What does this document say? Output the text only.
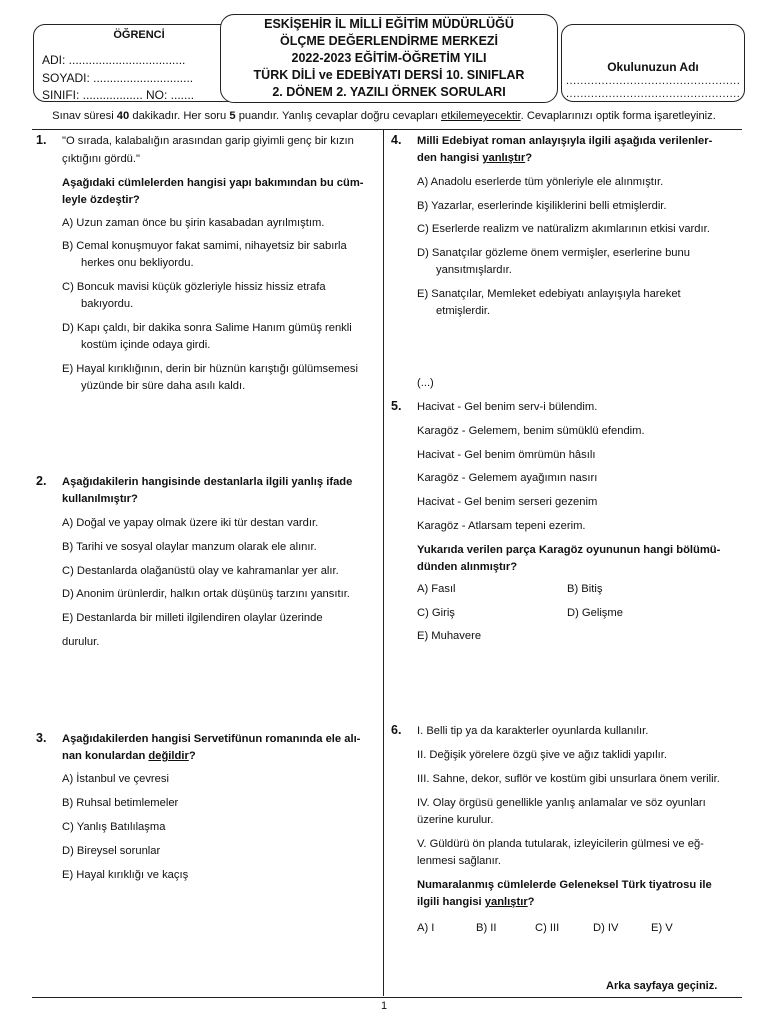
ÖĞRENCİ
ADI: ...................................
SOYADI: ..............................
SINIFI: .................. NO: .......
ESKİŞEHİR İL MİLLİ EĞİTİM MÜDÜRLÜĞÜ
ÖLÇME DEĞERLENDİRME MERKEZİ
2022-2023 EĞİTİM-ÖĞRETİM YILI
TÜRK DİLİ ve EDEBİYATI DERSİ 10. SINIFLAR
2. DÖNEM 2. YAZILI ÖRNEK SORULARI
Okulunuzun Adı
.................................................
.................................................
Sınav süresi 40 dakikadır. Her soru 5 puandır. Yanlış cevaplar doğru cevapları etkilemeyecektir. Cevaplarınızı optik forma işaretleyiniz.
1. "O sırada, kalabalığın arasından garip giyimli genç bir kızın
çıktığını gördü."
Aşağıdaki cümlelerden hangisi yapı bakımından bu cüm-
leyle özdeştir?
A) Uzun zaman önce bu şirin kasabadan ayrılmıştım.
B) Cemal konuşmuyor fakat samimi, nihayetsiz bir sabırla
herkes onu bekliyordu.
C) Boncuk mavisi küçük gözleriyle hissiz hissiz etrafa
bakıyordu.
D) Kapı çaldı, bir dakika sonra Salime Hanım gümüş renkli
kostüm içinde odaya girdi.
E) Hayal kırıklığının, derin bir hüznün karıştığı gülümsemesi
yüzünde bir süre daha asılı kaldı.
2. Aşağıdakilerin hangisinde destanlarla ilgili yanlış ifade
kullanılmıştır?
A) Doğal ve yapay olmak üzere iki tür destan vardır.
B) Tarihi ve sosyal olaylar manzum olarak ele alınır.
C) Destanlarda olağanüstü olay ve kahramanlar yer alır.
D) Anonim ürünlerdir, halkın ortak düşünüş tarzını yansıtır.
E) Destanlarda bir milleti ilgilendiren olaylar üzerinde
durulur.
3. Aşağıdakilerden hangisi Servetifünun romanında ele alı-
nan konulardan değildir?
A) İstanbul ve çevresi
B) Ruhsal betimlemeler
C) Yanlış Batılılaşma
D) Bireysel sorunlar
E) Hayal kırıklığı ve kaçış
4. Milli Edebiyat roman anlayışıyla ilgili aşağıda verilenler-
den hangisi yanlıştır?
A) Anadolu eserlerde tüm yönleriyle ele alınmıştır.
B) Yazarlar, eserlerinde kişiliklerini belli etmişlerdir.
C) Eserlerde realizm ve natüralizm akımlarının etkisi vardır.
D) Sanatçılar gözleme önem vermişler, eserlerine bunu
yansıtmışlardır.
E) Sanatçılar, Memleket edebiyatı anlayışıyla hareket
etmişlerdir.
(...)
5. Hacivat - Gel benim serv-i bülendim.
Karagöz - Gelemem, benim sümüklü efendim.
Hacivat - Gel benim ömrümün hâsılı
Karagöz - Gelemem ayağımın nasırı
Hacivat - Gel benim serseri gezenim
Karagöz - Atlarsam tepeni ezerim.
Yukarıda verilen parça Karagöz oyununun hangi bölümü-
dünden alınmıştır?
A) Fasıl	B) Bitiş
C) Giriş	D) Gelişme
E) Muhavere
6. I. Belli tip ya da karakterler oyunlarda kullanılır.
II. Değişik yörelere özgü şive ve ağız taklidi yapılır.
III. Sahne, dekor, suflör ve kostüm gibi unsurlara önem verilir.
IV. Olay örgüsü genellikle yanlış anlamalar ve söz oyunları
üzerine kurulur.
V. Güldürü ön planda tutularak, izleyicilerin gülmesi ve eğ-
lenmesi sağlanır.
Numaralanmış cümlelerde Geleneksel Türk tiyatrosu ile
ilgili hangisi yanlıştır?
A) I	B) II	C) III	D) IV	E) V
Arka sayfaya geçiniz.
1
